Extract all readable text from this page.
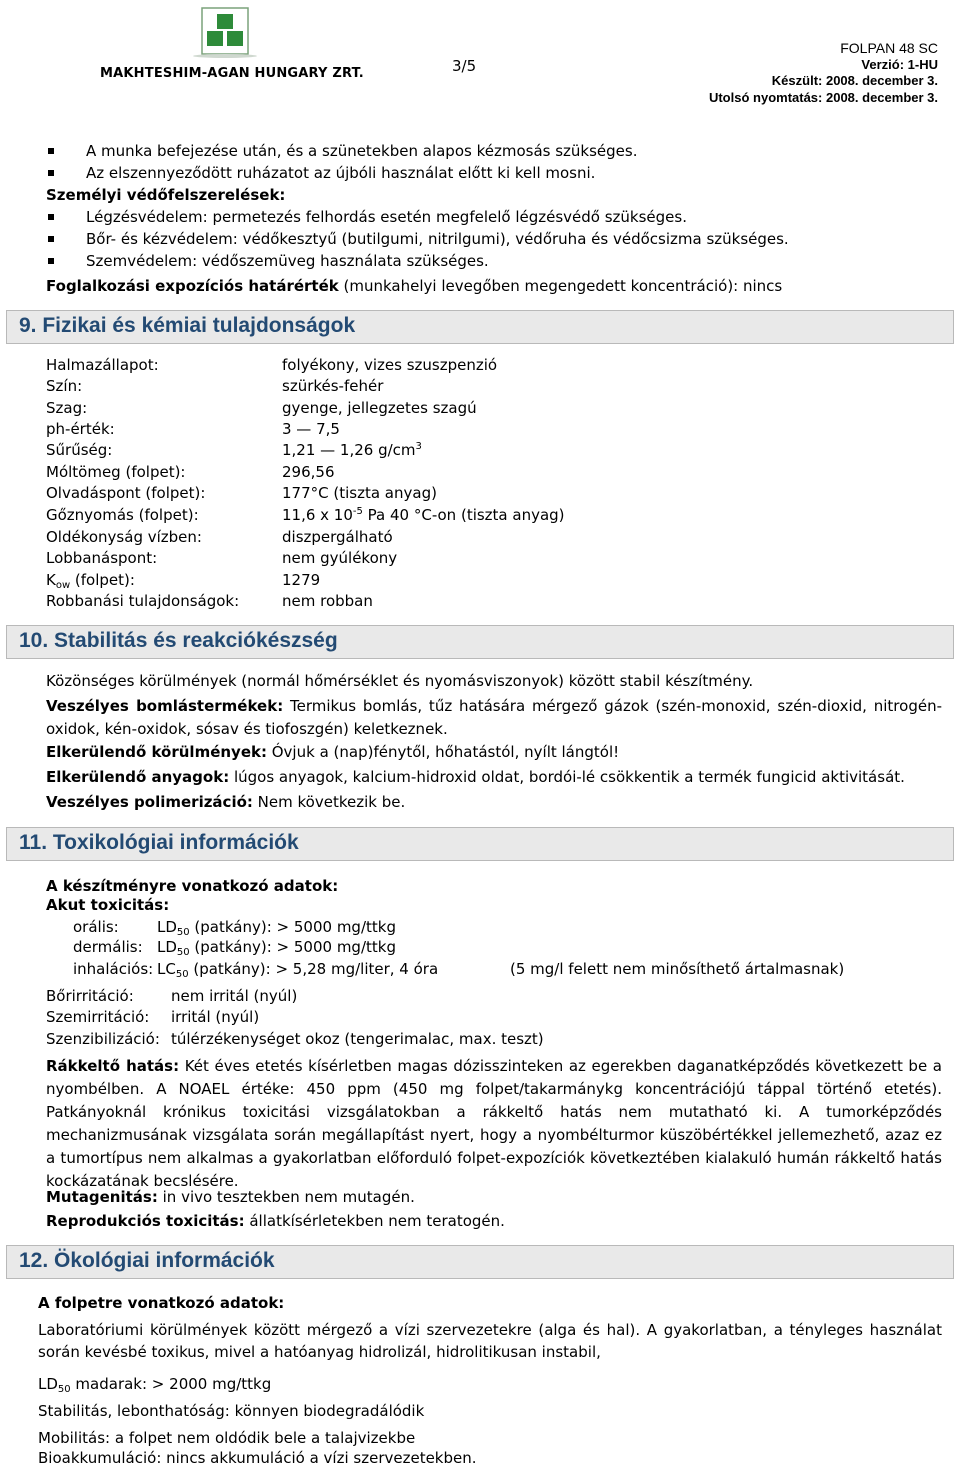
MAKHTESHIM-AGAN HUNGARY ZRT.	3/5
FOLPAN 48 SC
Verzió: 1-HU
Készült: 2008. december 3.
Utolsó nyomtatás: 2008. december 3.
A munka befejezése után, és a szünetekben alapos kézmosás szükséges.
Az elszennyeződött ruházatot az újbóli használat előtt ki kell mosni.
Személyi védőfelszerelések:
Légzésvédelem: permetezés felhordás esetén megfelelő légzésvédő szükséges.
Bőr- és kézvédelem: védőkesztyű (butilgumi, nitrilgumi), védőruha és védőcsizma szükséges.
Szemvédelem: védőszemüveg használata szükséges.
Foglalkozási expozíciós határérték (munkahelyi levegőben megengedett koncentráció): nincs
9. Fizikai és kémiai tulajdonságok
Halmazállapot:	folyékony, vizes szuszpenzió
Szín:	szürkés-fehér
Szag:	gyenge, jellegzetes szagú
ph-érték:	3 — 7,5
Sűrűség:	1,21 — 1,26 $g/cm^3$
Móltömeg (folpet):	296,56
Olvadáspont (folpet):	177°C (tiszta anyag)
Gőznyomás (folpet):	11,6 x $10^{-5}$ Pa 40 °C-on (tiszta anyag)
Oldékonyság vízben:	diszpergálható
Lobbanáspont:	nem gyúlékony
$K_{ow}$ (folpet):	1279
Robbanási tulajdonságok:	nem robban
10. Stabilitás és reakciókészség
Közönséges körülmények (normál hőmérséklet és nyomásviszonyok) között stabil készítmény.
Veszélyes bomlástermékek: Termikus bomlás, tűz hatására mérgező gázok (szén-monoxid, szén-dioxid, nitrogén-oxidok, kén-oxidok, sósav és tiofoszgén) keletkeznek.
Elkerülendő körülmények: Óvjuk a (nap)fénytől, hőhatástól, nyílt lángtól!
Elkerülendő anyagok: lúgos anyagok, kalcium-hidroxid oldat, bordói-lé csökkentik a termék fungicid aktivitását.
Veszélyes polimerizáció: Nem következik be.
11. Toxikológiai információk
A készítményre vonatkozó adatok:
Akut toxicitás:
orális:	$LD_{50}$ (patkány): > 5000 mg/ttkg
dermális: $LD_{50}$ (patkány): > 5000 mg/ttkg
inhalációs: $LC_{50}$ (patkány): > 5,28 mg/liter, 4 óra	(5 mg/l felett nem minősíthető ártalmasnak)
Bőrirritáció: nem irritál (nyúl)
Szemirritáció: irritál (nyúl)
Szenzibilizáció: túlérzékenységet okoz (tengerimalac, max. teszt)
Rákkeltő hatás: Két éves etetés kísérletben magas dózisszinteken az egerekben daganatképződés következett be a nyombélben. A NOAEL értéke: 450 ppm (450 mg folpet/takarmánykg koncentrációjú táppal történő etetés). Patkányoknál krónikus toxicitási vizsgálatokban a rákkeltő hatás nem mutatható ki. A tumorképződés mechanizmusának vizsgálata során megállapítást nyert, hogy a nyombélturmor küszöbértékkel jellemezhető, azaz ez a tumortípus nem alkalmas a gyakorlatban előforduló folpet-expozíciók következtében kialakuló humán rákkeltő hatás kockázatának becslésére.
Mutagenitás: in vivo tesztekben nem mutagén.
Reprodukciós toxicitás: állatkísérletekben nem teratogén.
12. Ökológiai információk
A folpetre vonatkozó adatok:
Laboratóriumi körülmények között mérgező a vízi szervezetekre (alga és hal). A gyakorlatban, a tényleges használat során kevésbé toxikus, mivel a hatóanyag hidrolizál, hidrolitikusan instabil,
$LD_{50}$ madarak: > 2000 mg/ttkg
Stabilitás, lebonthatóság: könnyen biodegradálódik
Mobilitás: a folpet nem oldódik bele a talajvizekbe
Bioakkumuláció: nincs akkumuláció a vízi szervezetekben.
